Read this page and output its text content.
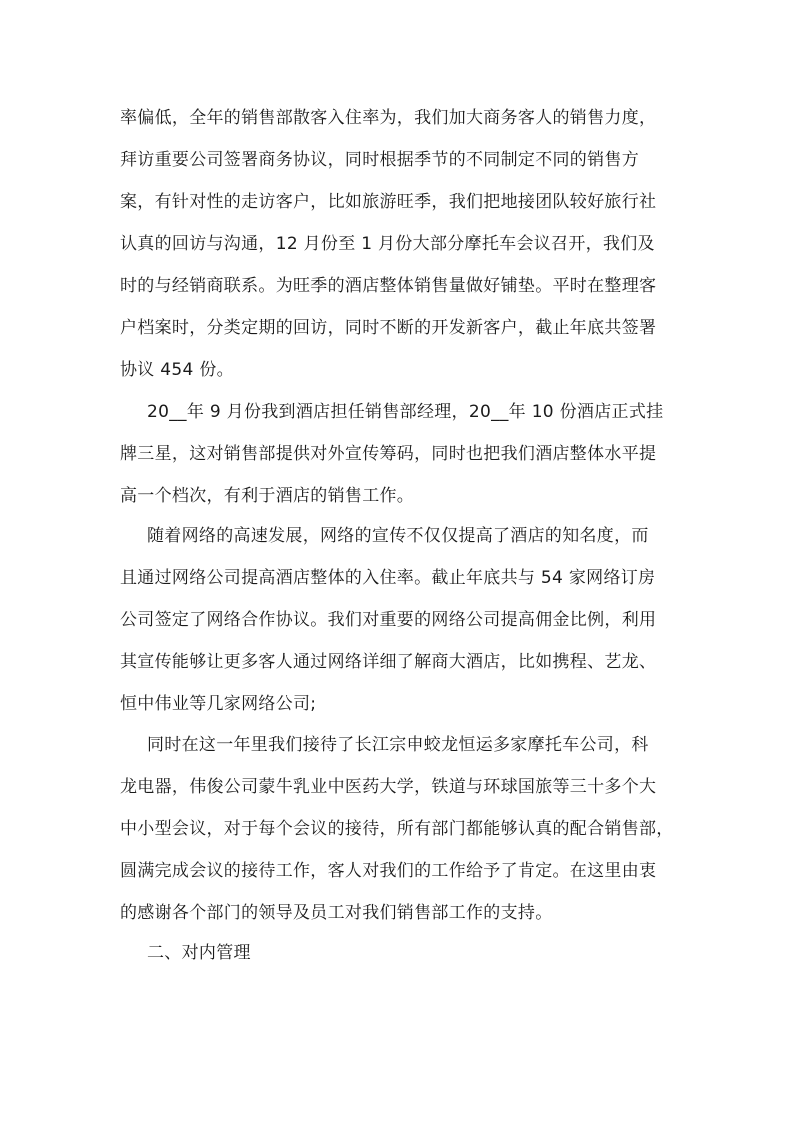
率偏低，全年的销售部散客入住率为，我们加大商务客人的销售力度，
拜访重要公司签署商务协议，同时根据季节的不同制定不同的销售方
案，有针对性的走访客户，比如旅游旺季，我们把地接团队较好旅行社
认真的回访与沟通，12 月份至 1 月份大部分摩托车会议召开，我们及
时的与经销商联系。为旺季的酒店整体销售量做好铺垫。平时在整理客
户档案时，分类定期的回访，同时不断的开发新客户，截止年底共签署
协议 454 份。
20__年 9 月份我到酒店担任销售部经理，20__年 10 份酒店正式挂
牌三星，这对销售部提供对外宣传筹码，同时也把我们酒店整体水平提
高一个档次，有利于酒店的销售工作。
随着网络的高速发展，网络的宣传不仅仅提高了酒店的知名度，而
且通过网络公司提高酒店整体的入住率。截止年底共与 54 家网络订房
公司签定了网络合作协议。我们对重要的网络公司提高佣金比例，利用
其宣传能够让更多客人通过网络详细了解商大酒店，比如携程、艺龙、
恒中伟业等几家网络公司;
同时在这一年里我们接待了长江宗申蛟龙恒运多家摩托车公司，科
龙电器，伟俊公司蒙牛乳业中医药大学，铁道与环球国旅等三十多个大
中小型会议，对于每个会议的接待，所有部门都能够认真的配合销售部，
圆满完成会议的接待工作，客人对我们的工作给予了肯定。在这里由衷
的感谢各个部门的领导及员工对我们销售部工作的支持。
二、对内管理
